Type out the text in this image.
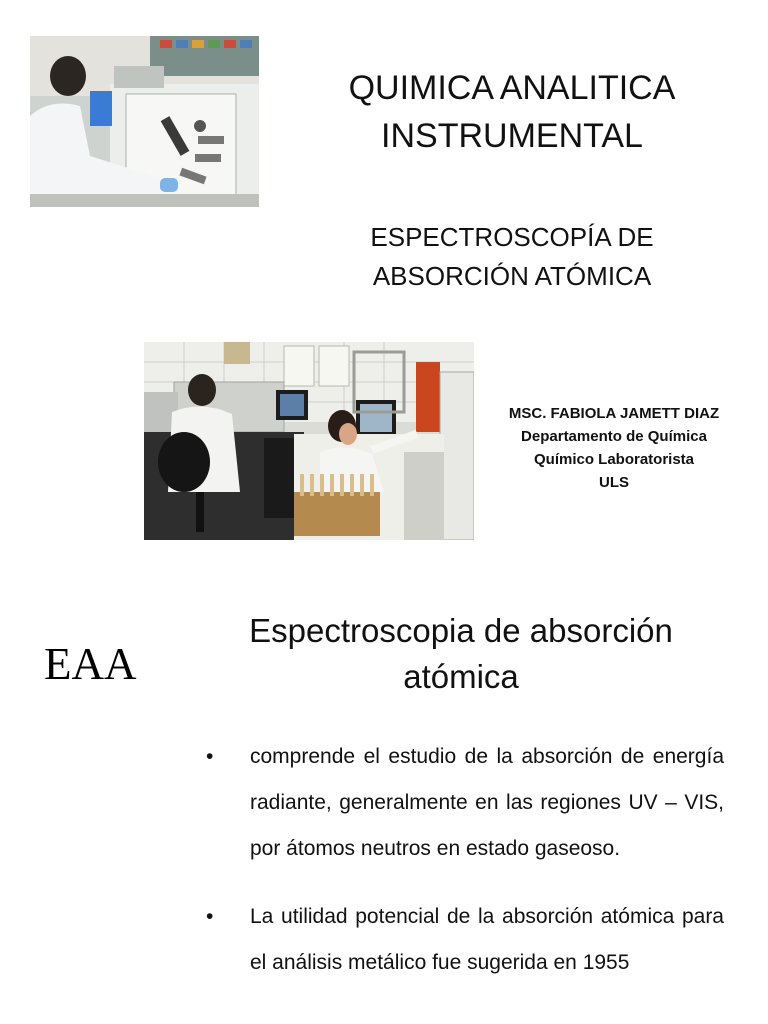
QUIMICA ANALITICA
INSTRUMENTAL
ESPECTROSCOPÍA DE
ABSORCIÓN ATÓMICA
MSC. FABIOLA JAMETT DIAZ
Departamento de Química
Químico Laboratorista
ULS
EAA
Espectroscopia de absorción
atómica
•	comprende el estudio de la absorción de energía radiante, generalmente en las regiones UV – VIS, por átomos neutros en estado gaseoso.
•	La utilidad potencial de la absorción atómica para el análisis metálico fue sugerida en 1955
